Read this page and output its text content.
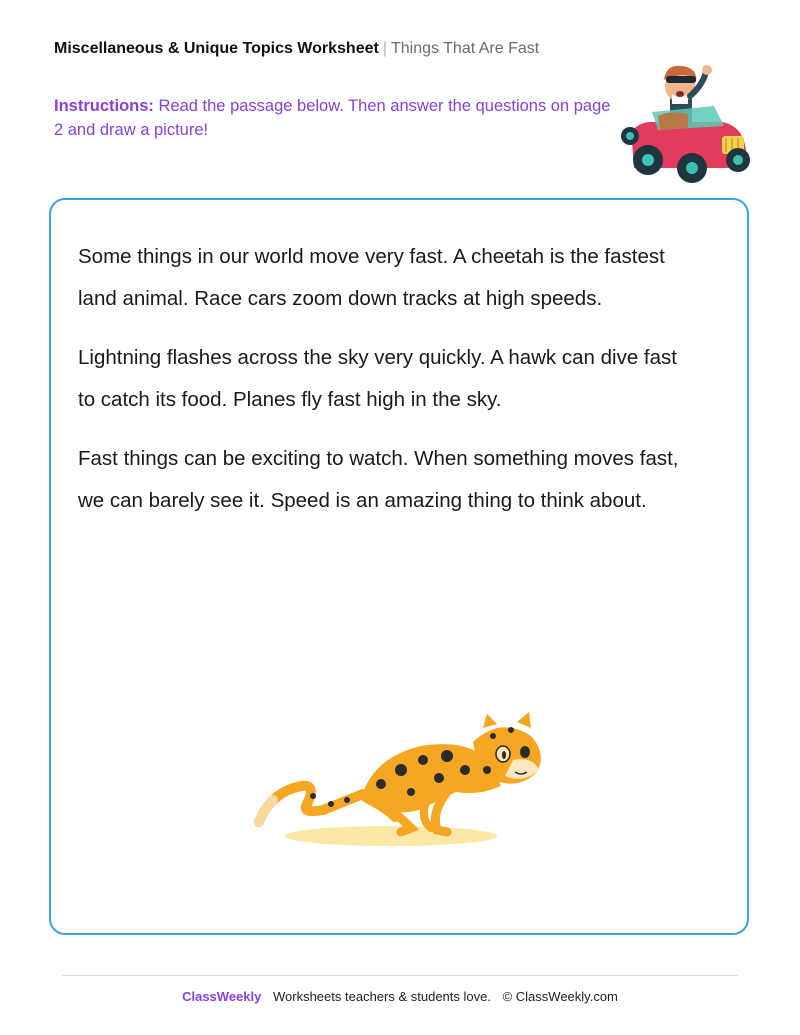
Miscellaneous & Unique Topics Worksheet | Things That Are Fast
Instructions: Read the passage below. Then answer the questions on page 2 and draw a picture!

Some things in our world move very fast. A cheetah is the fastest land animal. Race cars zoom down tracks at high speeds.

Lightning flashes across the sky very quickly. A hawk can dive fast to catch its food. Planes fly fast high in the sky.

Fast things can be exciting to watch. When something moves fast, we can barely see it. Speed is an amazing thing to think about.

ClassWeekly Worksheets teachers & students love. © ClassWeekly.com
